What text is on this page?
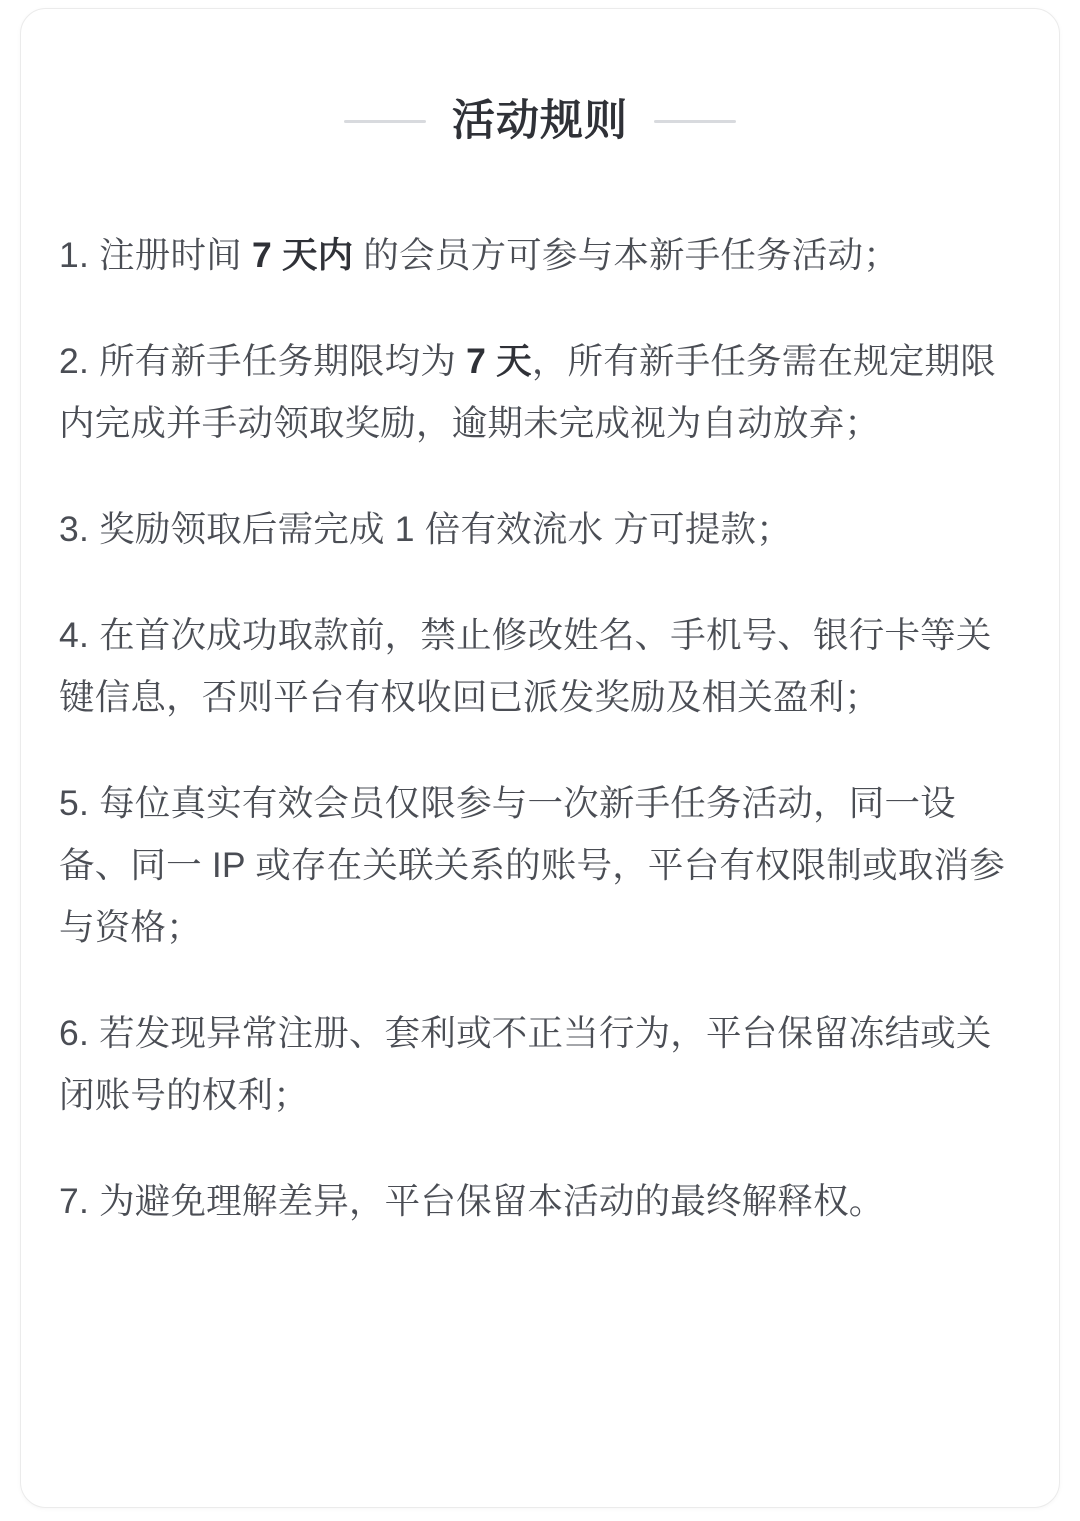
活动规则

1. 注册时间 7 天内 的会员方可参与本新手任务活动；

2. 所有新手任务期限均为 7 天，所有新手任务需在规定期限内完成并手动领取奖励，逾期未完成视为自动放弃；

3. 奖励领取后需完成 1 倍有效流水 方可提款；

4. 在首次成功取款前，禁止修改姓名、手机号、银行卡等关键信息，否则平台有权收回已派发奖励及相关盈利；

5. 每位真实有效会员仅限参与一次新手任务活动，同一设备、同一 IP 或存在关联关系的账号，平台有权限制或取消参与资格；

6. 若发现异常注册、套利或不正当行为，平台保留冻结或关闭账号的权利；

7. 为避免理解差异，平台保留本活动的最终解释权。
